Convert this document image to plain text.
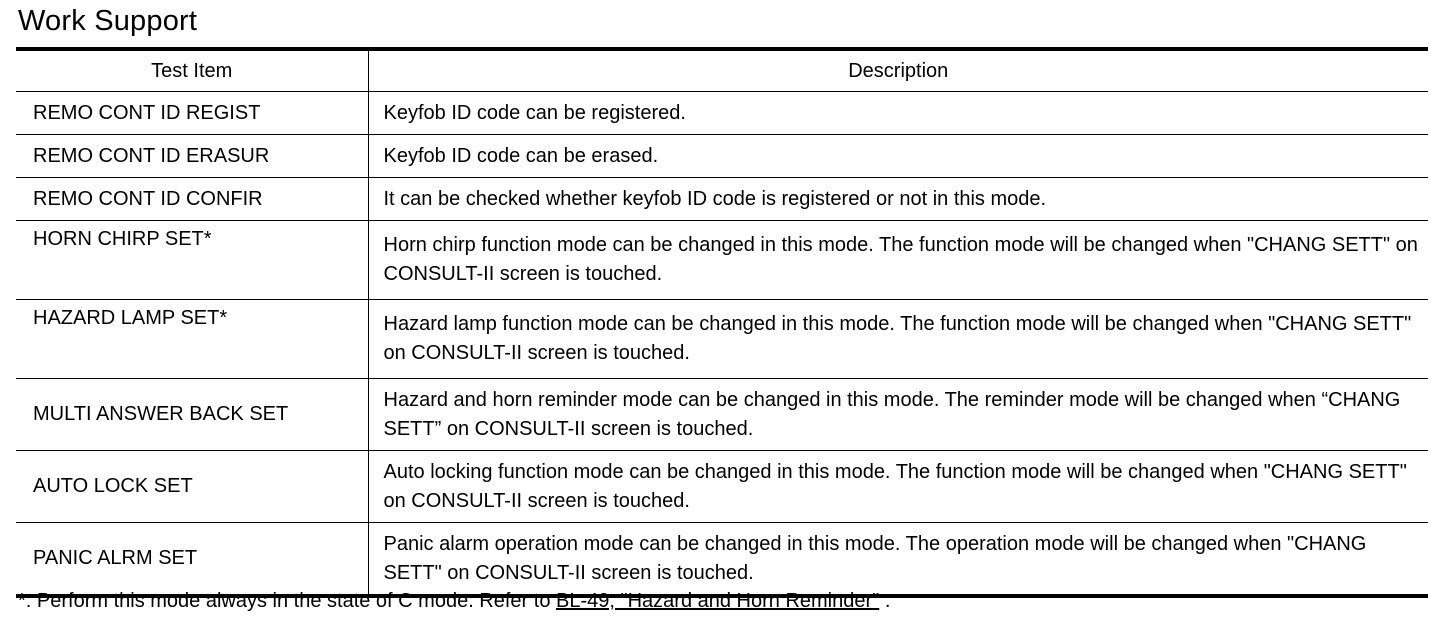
Work Support
Test Item	Description
REMO CONT ID REGIST	Keyfob ID code can be registered.
REMO CONT ID ERASUR	Keyfob ID code can be erased.
REMO CONT ID CONFIR	It can be checked whether keyfob ID code is registered or not in this mode.
HORN CHIRP SET*	Horn chirp function mode can be changed in this mode. The function mode will be changed when "CHANG SETT" on CONSULT-II screen is touched.
HAZARD LAMP SET*	Hazard lamp function mode can be changed in this mode. The function mode will be changed when "CHANG SETT" on CONSULT-II screen is touched.
MULTI ANSWER BACK SET	Hazard and horn reminder mode can be changed in this mode. The reminder mode will be changed when “CHANG SETT” on CONSULT-II screen is touched.
AUTO LOCK SET	Auto locking function mode can be changed in this mode. The function mode will be changed when "CHANG SETT" on CONSULT-II screen is touched.
PANIC ALRM SET	Panic alarm operation mode can be changed in this mode. The operation mode will be changed when "CHANG SETT" on CONSULT-II screen is touched.
*: Perform this mode always in the state of C mode. Refer to BL-49, "Hazard and Horn Reminder" .
